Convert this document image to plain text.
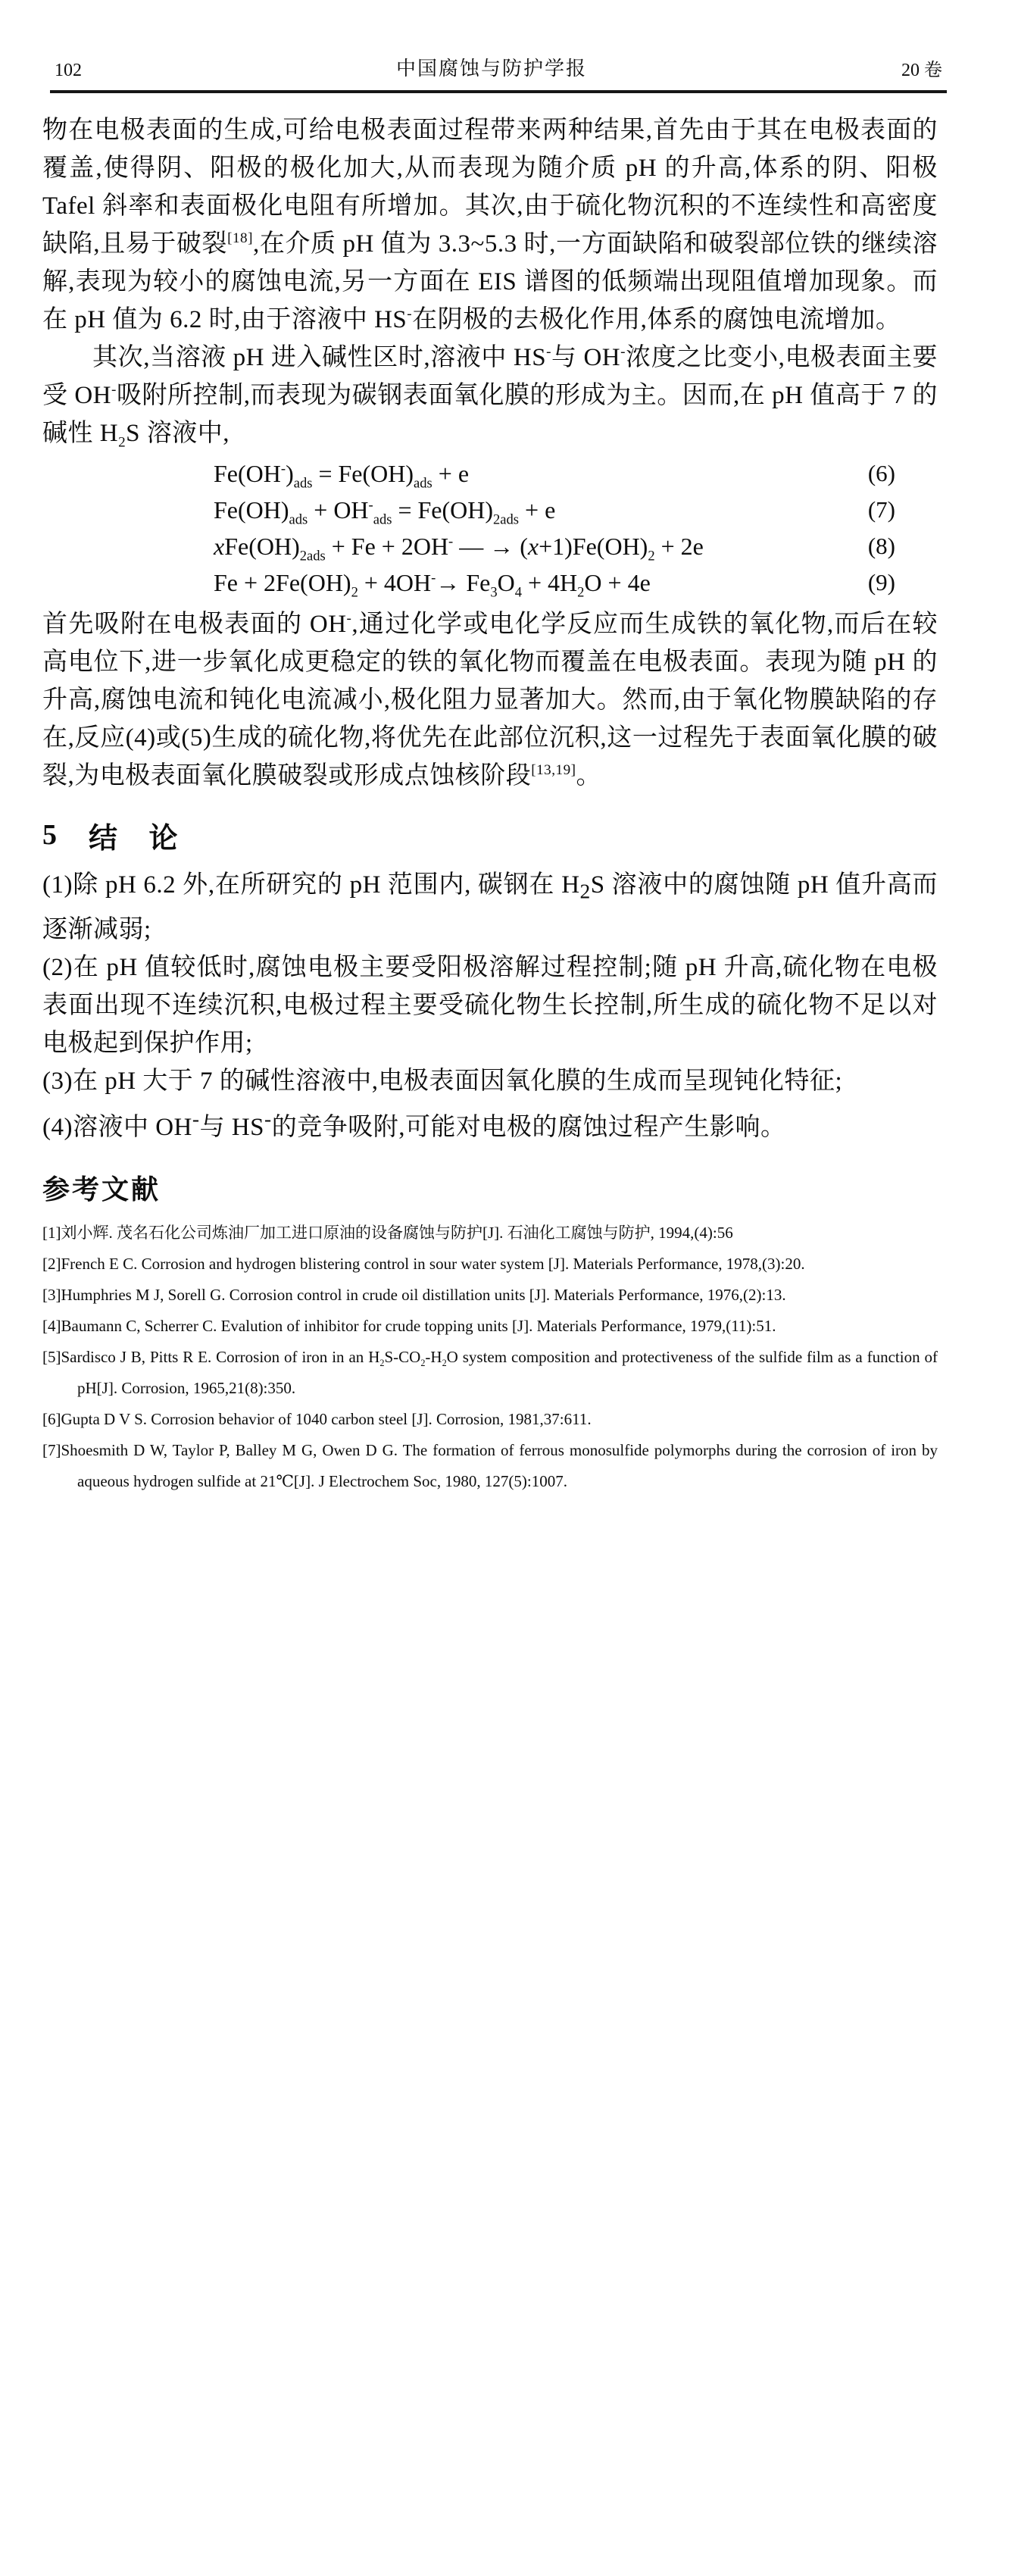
102	中国腐蚀与防护学报	20 卷

物在电极表面的生成,可给电极表面过程带来两种结果,首先由于其在电极表面的覆盖,使得阴、阳极的极化加大,从而表现为随介质 pH 的升高,体系的阴、阳极 Tafel 斜率和表面极化电阻有所增加。其次,由于硫化物沉积的不连续性和高密度缺陷,且易于破裂[18],在介质 pH 值为 3.3~5.3 时,一方面缺陷和破裂部位铁的继续溶解,表现为较小的腐蚀电流,另一方面在 EIS 谱图的低频端出现阻值增加现象。而在 pH 值为 6.2 时,由于溶液中 HS-在阴极的去极化作用,体系的腐蚀电流增加。

其次,当溶液 pH 进入碱性区时,溶液中 HS-与 OH-浓度之比变小,电极表面主要受 OH-吸附所控制,而表现为碳钢表面氧化膜的形成为主。因而,在 pH 值高于 7 的碱性 $H_2S$ 溶液中,

$Fe(OH^-)_{ads} = Fe(OH)_{ads} + e$	(6)
$Fe(OH)_{ads} + OH^-_{ads} = Fe(OH)_{2ads} + e$	(7)
$xFe(OH)_{2ads} + Fe + 2OH^-$ — → $(x+1)Fe(OH)_2 + 2e$	(8)
$Fe + 2Fe(OH)_2 + 4OH^-\to Fe_3O_4 + 4H_2O + 4e$	(9)

首先吸附在电极表面的 OH-,通过化学或电化学反应而生成铁的氧化物,而后在较高电位下,进一步氧化成更稳定的铁的氧化物而覆盖在电极表面。表现为随 pH 的升高,腐蚀电流和钝化电流减小,极化阻力显著加大。然而,由于氧化物膜缺陷的存在,反应(4)或(5)生成的硫化物,将优先在此部位沉积,这一过程先于表面氧化膜的破裂,为电极表面氧化膜破裂或形成点蚀核阶段[13,19]。

5 结 论

(1)除 pH 6.2 外,在所研究的 pH 范围内, 碳钢在 $H_2S$ 溶液中的腐蚀随 pH 值升高而逐渐减弱;

(2)在 pH 值较低时,腐蚀电极主要受阳极溶解过程控制;随 pH 升高,硫化物在电极表面出现不连续沉积,电极过程主要受硫化物生长控制,所生成的硫化物不足以对电极起到保护作用;

(3)在 pH 大于 7 的碱性溶液中,电极表面因氧化膜的生成而呈现钝化特征;

(4)溶液中 OH-与 HS-的竞争吸附,可能对电极的腐蚀过程产生影响。

参考文献

[1]刘小辉. 茂名石化公司炼油厂加工进口原油的设备腐蚀与防护[J]. 石油化工腐蚀与防护, 1994,(4):56

[2]French E C. Corrosion and hydrogen blistering control in sour water system [J]. Materials Performance, 1978,(3):20.

[3]Humphries M J, Sorell G. Corrosion control in crude oil distillation units [J]. Materials Performance, 1976,(2):13.

[4]Baumann C, Scherrer C. Evalution of inhibitor for crude topping units [J]. Materials Performance, 1979,(11):51.

[5]Sardisco J B, Pitts R E. Corrosion of iron in an $H_2S-CO_2-H_2O$ system composition and protectiveness of the sulfide film as a function of pH[J]. Corrosion, 1965,21(8):350.

[6]Gupta D V S. Corrosion behavior of 1040 carbon steel [J]. Corrosion, 1981,37:611.

[7]Shoesmith D W, Taylor P, Balley M G, Owen D G. The formation of ferrous monosulfide polymorphs during the corrosion of iron by aqueous hydrogen sulfide at 21℃[J]. J Electrochem Soc, 1980, 127(5):1007.
